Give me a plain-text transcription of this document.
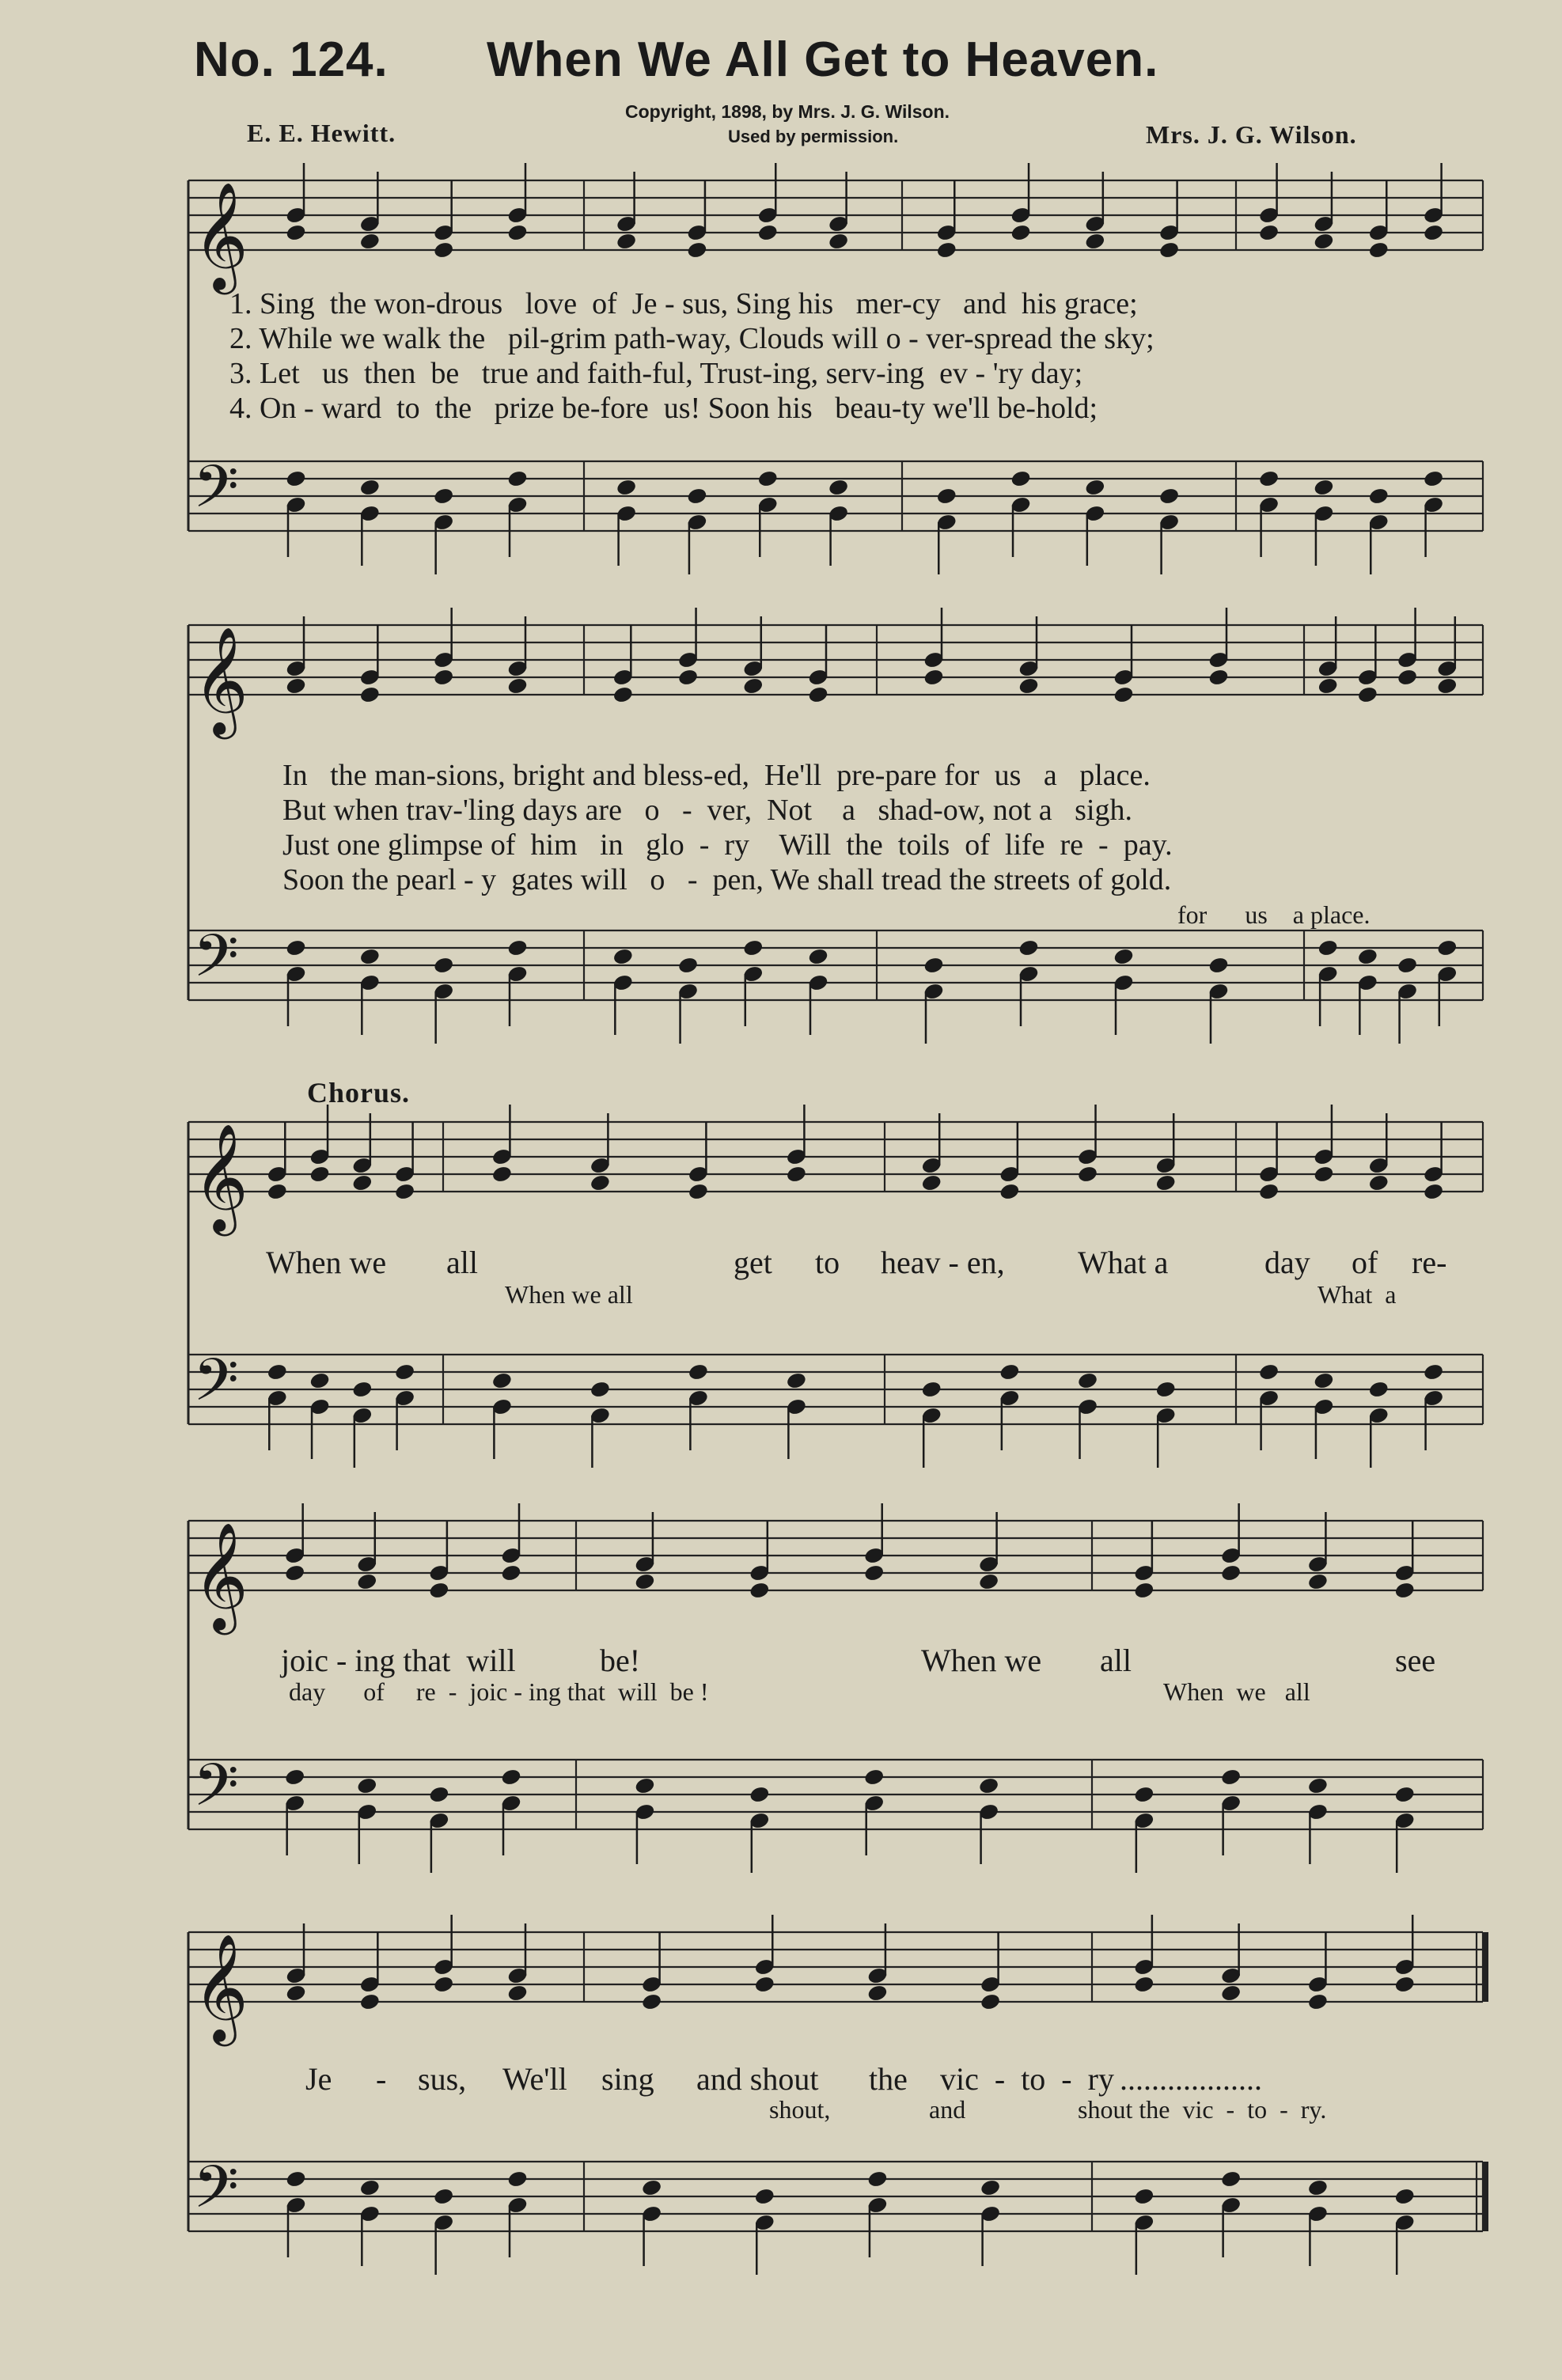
No. 124. When We All Get to Heaven.
Copyright, 1898, by Mrs. J. G. Wilson.
Used by permission.
E. E. Hewitt.	Mrs. J. G. Wilson.
𝄞
𝄢
𝄞
𝄢
𝄞
𝄢
𝄞
𝄢
𝄞
𝄢
1. Sing the won-drous love of Je - sus, Sing his mer-cy and his grace;
2. While we walk the pil-grim path-way, Clouds will o - ver-spread the sky;
3. Let us then be true and faith-ful, Trust-ing, serv-ing ev - 'ry day;
4. On - ward to the prize be-fore us! Soon his beau-ty we'll be-hold;
In   the man-sions, bright and bless-ed,  He'll  pre-pare for  us   a   place.
But when trav-'ling days are   o   -  ver,  Not    a   shad-ow, not a   sigh.
Just one glimpse of  him   in   glo  -  ry    Will  the  toils  of  life  re  -  pay.
Soon the pearl - y  gates will   o   -  pen, We shall tread the streets of gold.
for      us    a place.
Chorus.
When we all	get to heav - en, What a	day of re-
When we all	What  a
joic - ing that  will	be!	When we all	see
day      of     re  -  joic - ing that  will  be !	When  we   all
Je - sus, We'll sing and shout the vic  -  to  -  ry ..................
shout,	and	shout the  vic  -  to  -  ry.
